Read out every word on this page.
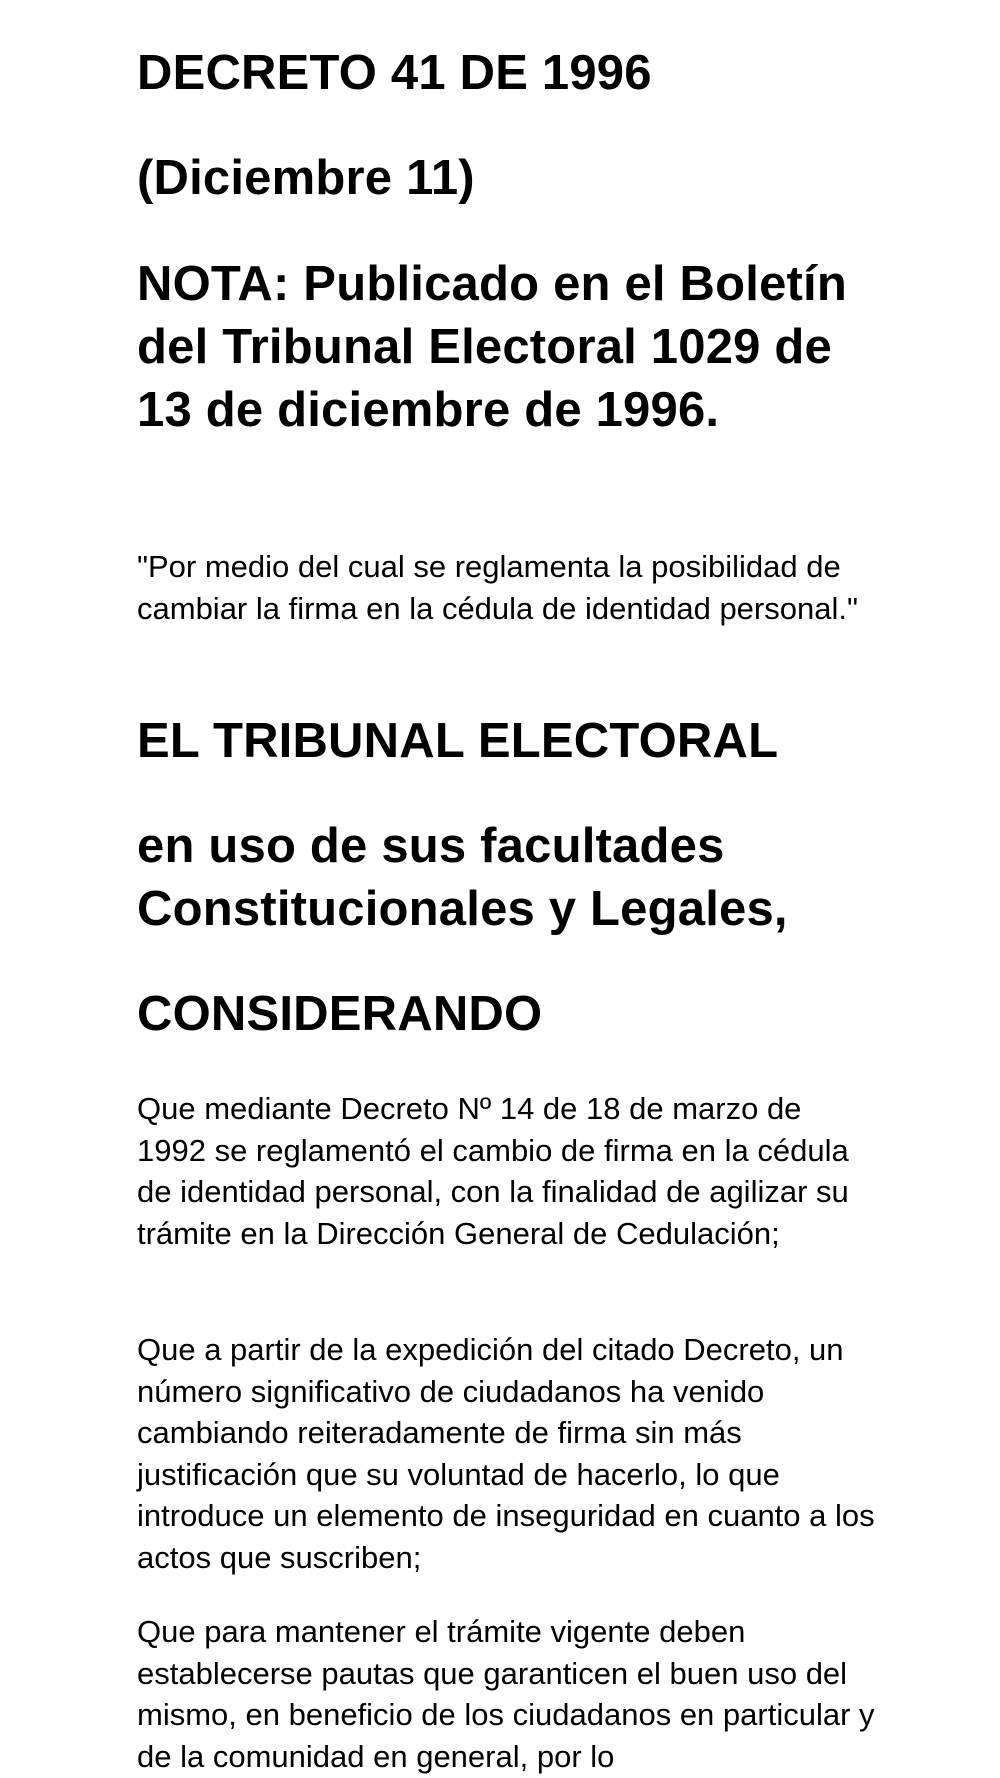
DECRETO 41 DE 1996
(Diciembre 11)
NOTA: Publicado en el Boletín del Tribunal Electoral 1029 de 13 de diciembre de 1996.

"Por medio del cual se reglamenta la posibilidad de cambiar la firma en la cédula de identidad personal."

EL TRIBUNAL ELECTORAL
en uso de sus facultades Constitucionales y Legales,
CONSIDERANDO

Que mediante Decreto Nº 14 de 18 de marzo de 1992 se reglamentó el cambio de firma en la cédula de identidad personal, con la finalidad de agilizar su trámite en la Dirección General de Cedulación;

Que a partir de la expedición del citado Decreto, un número significativo de ciudadanos ha venido cambiando reiteradamente de firma sin más justificación que su voluntad de hacerlo, lo que introduce un elemento de inseguridad en cuanto a los actos que suscriben;

Que para mantener el trámite vigente deben establecerse pautas que garanticen el buen uso del mismo, en beneficio de los ciudadanos en particular y de la comunidad en general, por lo
